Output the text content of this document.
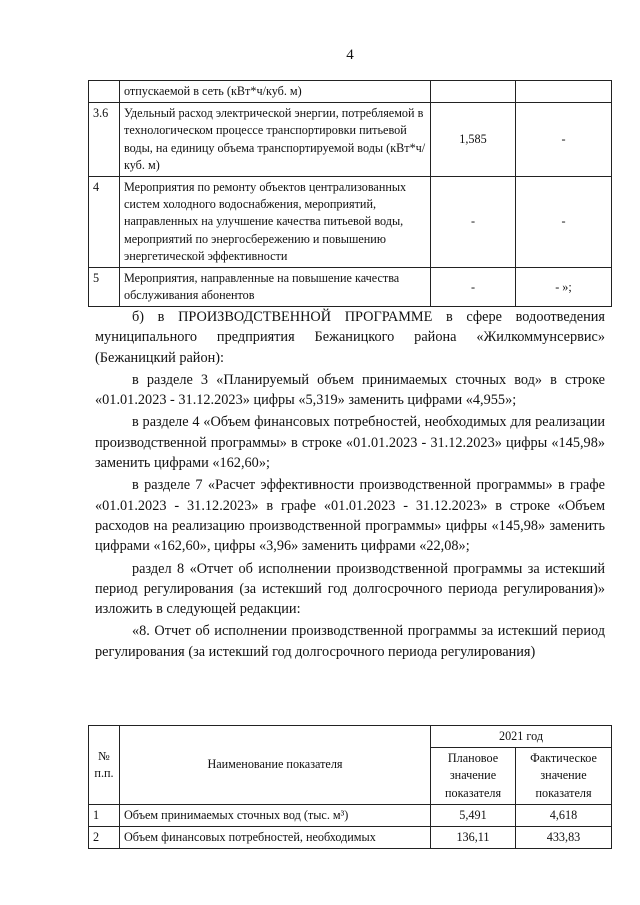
4
	отпускаемой в сеть (кВт*ч/куб. м)		
3.6	Удельный расход электрической энергии, потребляемой в технологическом процессе транспортировки питьевой воды, на единицу объема транспортируемой воды (кВт*ч/куб. м)	1,585	-
4	Мероприятия по ремонту объектов централизованных систем холодного водоснабжения, мероприятий, направленных на улучшение качества питьевой воды, мероприятий по энергосбережению и повышению энергетической эффективности	-	-
5	Мероприятия, направленные на повышение качества обслуживания абонентов	-	- »;

б) в ПРОИЗВОДСТВЕННОЙ ПРОГРАММЕ в сфере водоотведения муниципального предприятия Бежаницкого района «Жилкоммунсервис» (Бежаницкий район):

в разделе 3 «Планируемый объем принимаемых сточных вод» в строке «01.01.2023 - 31.12.2023» цифры «5,319» заменить цифрами «4,955»;

в разделе 4 «Объем финансовых потребностей, необходимых для реализации производственной программы» в строке «01.01.2023 - 31.12.2023» цифры «145,98» заменить цифрами «162,60»;

в разделе 7 «Расчет эффективности производственной программы» в графе «01.01.2023 - 31.12.2023» в графе «01.01.2023 - 31.12.2023» в строке «Объем расходов на реализацию производственной программы» цифры «145,98» заменить цифрами «162,60», цифры «3,96» заменить цифрами «22,08»;

раздел 8 «Отчет об исполнении производственной программы за истекший период регулирования (за истекший год долгосрочного периода регулирования)» изложить в следующей редакции:

«8. Отчет об исполнении производственной программы за истекший период регулирования (за истекший год долгосрочного периода регулирования)

№ п.п.	Наименование показателя	2021 год	
		Плановое значение показателя	Фактическое значение показателя
1	Объем принимаемых сточных вод (тыс. м³)	5,491	4,618
2	Объем финансовых потребностей, необходимых	136,11	433,83
